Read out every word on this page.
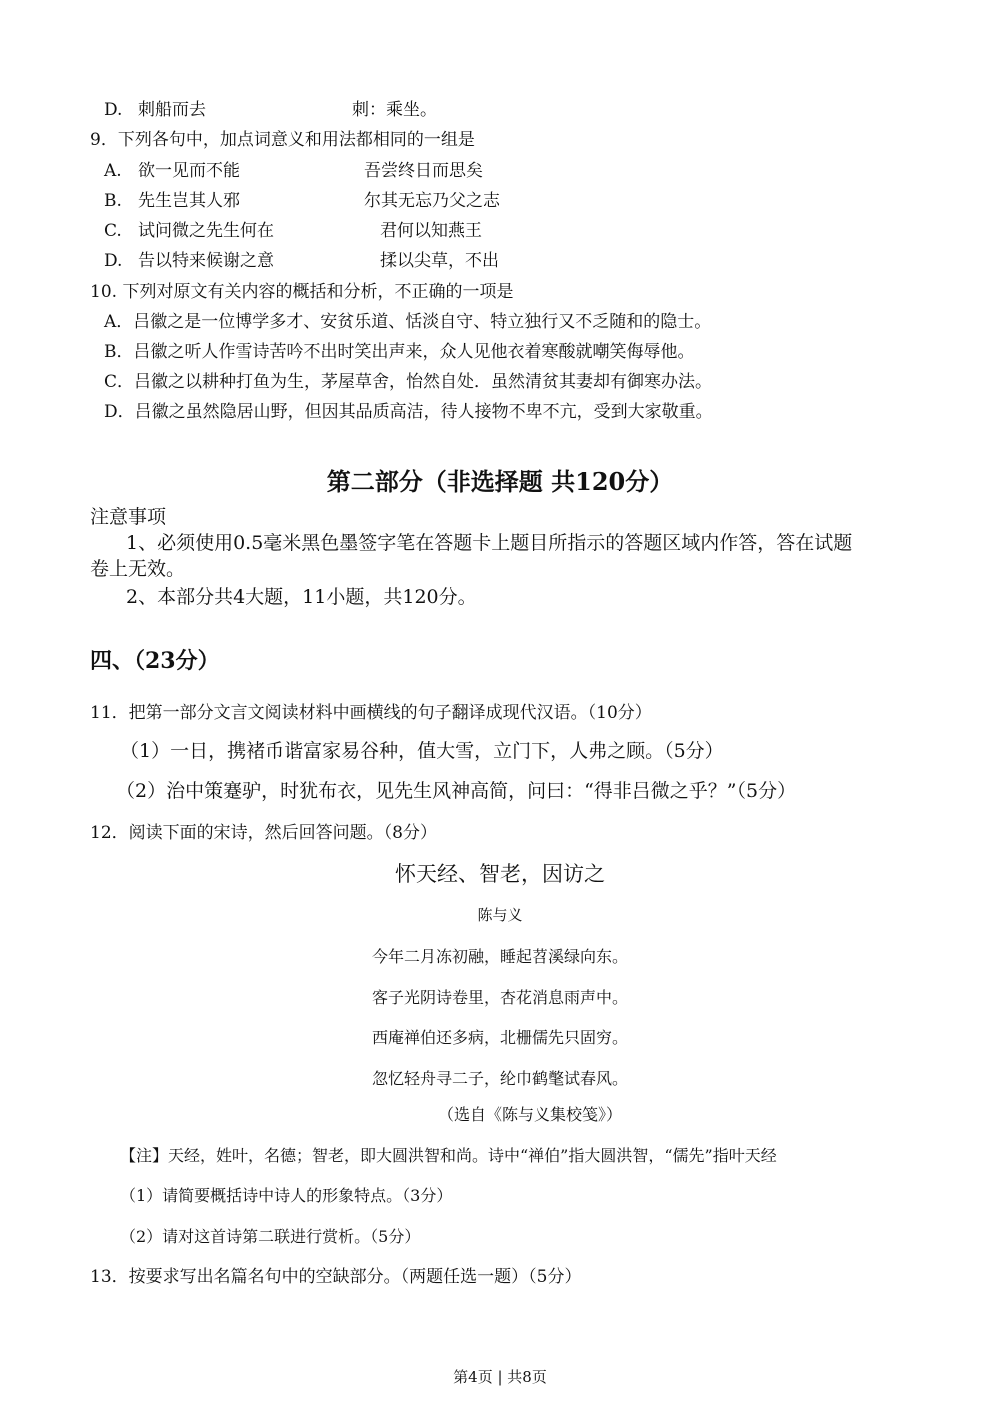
D. 刺船而去	刺：乘坐。
9．下列各句中，加点词意义和用法都相同的一组是
A. 欲一见而不能	吾尝终日而思矣
B. 先生岂其人邪	尔其无忘乃父之志
C. 试问微之先生何在	君何以知燕王
D. 告以特来候谢之意	揉以尖草，不出
10. 下列对原文有关内容的概括和分析，不正确的一项是
A．吕徽之是一位博学多才、安贫乐道、恬淡自守、特立独行又不乏随和的隐士。
B．吕徽之听人作雪诗苦吟不出时笑出声来，众人见他衣着寒酸就嘲笑侮辱他。
C．吕徽之以耕种打鱼为生，茅屋草舍，怡然自处．虽然清贫其妻却有御寒办法。
D．吕徽之虽然隐居山野，但因其品质高洁，待人接物不卑不亢，受到大家敬重。
第二部分（非选择题 共120分）
注意事项
1、必须使用0.5毫米黑色墨签字笔在答题卡上题目所指示的答题区域内作答，答在试题
卷上无效。
2、本部分共4大题，11小题，共120分。
四、（23分）
11．把第一部分文言文阅读材料中画横线的句子翻译成现代汉语。（10分）
（1）一日，携褚币谐富家易谷种，值大雪，立门下，人弗之顾。（5分）
（2）治中策蹇驴，时犹布衣，见先生风神高简，问曰：“得非吕微之乎？”（5分）
12．阅读下面的宋诗，然后回答问题。（8分）
怀天经、智老，因访之
陈与义
今年二月冻初融，睡起苕溪绿向东。
客子光阴诗卷里，杏花消息雨声中。
西庵禅伯还多病，北栅儒先只固穷。
忽忆轻舟寻二子，纶巾鹤氅试春风。
（选自《陈与义集校笺》）
【注】天经，姓叶，名德；智老，即大圆洪智和尚。诗中“禅伯”指大圆洪智，“儒先”指叶天经
（1）请简要概括诗中诗人的形象特点。（3分）
（2）请对这首诗第二联进行赏析。（5分）
13．按要求写出名篇名句中的空缺部分。（两题任选一题）（5分）
第4页 | 共8页
